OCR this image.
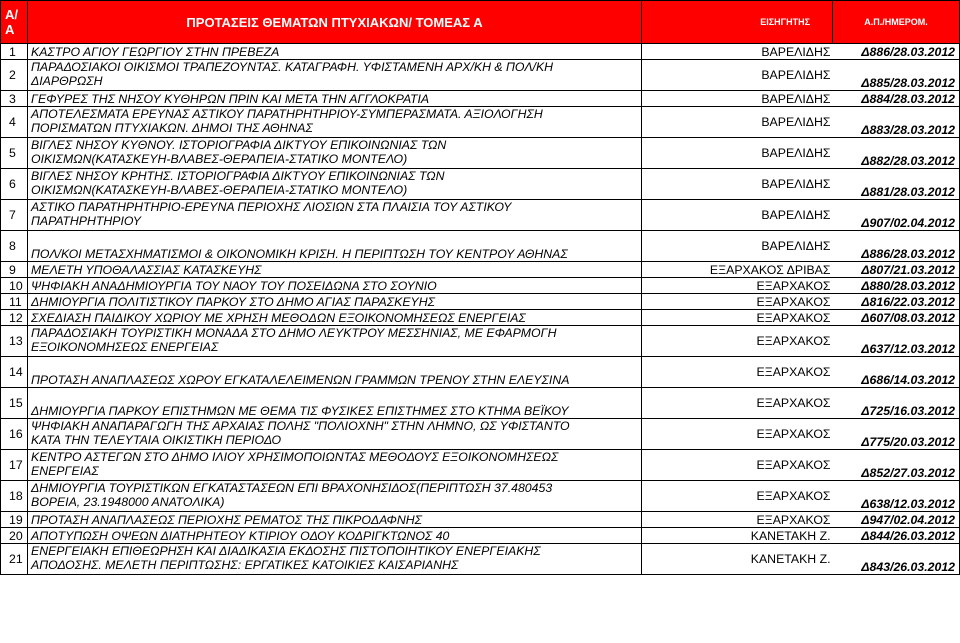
Α/Α	ΠΡΟΤΑΣΕΙΣ ΘΕΜΑΤΩΝ ΠΤΥΧΙΑΚΩΝ/ ΤΟΜΕΑΣ Α	ΕΙΣΗΓΗΤΗΣ	Α.Π./ΗΜΕΡΟΜ.
1	ΚΑΣΤΡΟ ΑΓΙΟΥ ΓΕΩΡΓΙΟΥ ΣΤΗΝ ΠΡΕΒΕΖΑ	ΒΑΡΕΛΙΔΗΣ	Δ886/28.03.2012
2	ΠΑΡΑΔΟΣΙΑΚΟΙ ΟΙΚΙΣΜΟΙ ΤΡΑΠΕΖΟΥΝΤΑΣ. ΚΑΤΑΓΡΑΦΗ. ΥΦΙΣΤΑΜΕΝΗ ΑΡΧ/ΚΗ & ΠΟΛ/ΚΗ
ΔΙΑΡΘΡΩΣΗ	ΒΑΡΕΛΙΔΗΣ	Δ885/28.03.2012
3	ΓΕΦΥΡΕΣ ΤΗΣ ΝΗΣΟΥ ΚΥΘΗΡΩΝ ΠΡΙΝ ΚΑΙ ΜΕΤΑ ΤΗΝ ΑΓΓΛΟΚΡΑΤΙΑ	ΒΑΡΕΛΙΔΗΣ	Δ884/28.03.2012
4	ΑΠΟΤΕΛΕΣΜΑΤΑ ΕΡΕΥΝΑΣ ΑΣΤΙΚΟΥ ΠΑΡΑΤΗΡΗΤΗΡΙΟΥ-ΣΥΜΠΕΡΑΣΜΑΤΑ. ΑΞΙΟΛΟΓΗΣΗ
ΠΟΡΙΣΜΑΤΩΝ ΠΤΥΧΙΑΚΩΝ. ΔΗΜΟΙ ΤΗΣ ΑΘΗΝΑΣ	ΒΑΡΕΛΙΔΗΣ	Δ883/28.03.2012
5	ΒΙΓΛΕΣ ΝΗΣΟΥ ΚΥΘΝΟΥ. ΙΣΤΟΡΙΟΓΡΑΦΙΑ ΔΙΚΤΥΟΥ ΕΠΙΚΟΙΝΩΝΙΑΣ ΤΩΝ
ΟΙΚΙΣΜΩΝ(ΚΑΤΑΣΚΕΥΗ-ΒΛΑΒΕΣ-ΘΕΡΑΠΕΙΑ-ΣΤΑΤΙΚΟ ΜΟΝΤΕΛΟ)	ΒΑΡΕΛΙΔΗΣ	Δ882/28.03.2012
6	ΒΙΓΛΕΣ ΝΗΣΟΥ ΚΡΗΤΗΣ. ΙΣΤΟΡΙΟΓΡΑΦΙΑ ΔΙΚΤΥΟΥ ΕΠΙΚΟΙΝΩΝΙΑΣ ΤΩΝ
ΟΙΚΙΣΜΩΝ(ΚΑΤΑΣΚΕΥΗ-ΒΛΑΒΕΣ-ΘΕΡΑΠΕΙΑ-ΣΤΑΤΙΚΟ ΜΟΝΤΕΛΟ)	ΒΑΡΕΛΙΔΗΣ	Δ881/28.03.2012
7	ΑΣΤΙΚΟ ΠΑΡΑΤΗΡΗΤΗΡΙΟ-ΕΡΕΥΝΑ ΠΕΡΙΟΧΗΣ ΛΙΟΣΙΩΝ ΣΤΑ ΠΛΑΙΣΙΑ ΤΟΥ ΑΣΤΙΚΟΥ
ΠΑΡΑΤΗΡΗΤΗΡΙΟΥ	ΒΑΡΕΛΙΔΗΣ	Δ907/02.04.2012
8	ΠΟΛ/ΚΟΙ ΜΕΤΑΣΧΗΜΑΤΙΣΜΟΙ & ΟΙΚΟΝΟΜΙΚΗ ΚΡΙΣΗ. Η ΠΕΡΙΠΤΩΣΗ ΤΟΥ ΚΕΝΤΡΟΥ ΑΘΗΝΑΣ	ΒΑΡΕΛΙΔΗΣ	Δ886/28.03.2012
9	ΜΕΛΕΤΗ ΥΠΟΘΑΛΑΣΣΙΑΣ ΚΑΤΑΣΚΕΥΗΣ	ΕΞΑΡΧΑΚΟΣ ΔΡΙΒΑΣ	Δ807/21.03.2012
10	ΨΗΦΙΑΚΗ ΑΝΑΔΗΜΙΟΥΡΓΙΑ ΤΟΥ ΝΑΟΥ ΤΟΥ ΠΟΣΕΙΔΩΝΑ ΣΤΟ ΣΟΥΝΙΟ	ΕΞΑΡΧΑΚΟΣ	Δ880/28.03.2012
11	ΔΗΜΙΟΥΡΓΙΑ ΠΟΛΙΤΙΣΤΙΚΟΥ ΠΑΡΚΟΥ ΣΤΟ ΔΗΜΟ ΑΓΙΑΣ ΠΑΡΑΣΚΕΥΗΣ	ΕΞΑΡΧΑΚΟΣ	Δ816/22.03.2012
12	ΣΧΕΔΙΑΣΗ ΠΑΙΔΙΚΟΥ ΧΩΡΙΟΥ ΜΕ ΧΡΗΣΗ ΜΕΘΟΔΩΝ ΕΞΟΙΚΟΝΟΜΗΣΕΩΣ ΕΝΕΡΓΕΙΑΣ	ΕΞΑΡΧΑΚΟΣ	Δ607/08.03.2012
13	ΠΑΡΑΔΟΣΙΑΚΗ ΤΟΥΡΙΣΤΙΚΗ ΜΟΝΑΔΑ ΣΤΟ ΔΗΜΟ ΛΕΥΚΤΡΟΥ ΜΕΣΣΗΝΙΑΣ, ΜΕ ΕΦΑΡΜΟΓΗ
ΕΞΟΙΚΟΝΟΜΗΣΕΩΣ ΕΝΕΡΓΕΙΑΣ	ΕΞΑΡΧΑΚΟΣ	Δ637/12.03.2012
14	ΠΡΟΤΑΣΗ ΑΝΑΠΛΑΣΕΩΣ ΧΩΡΟΥ ΕΓΚΑΤΑΛΕΛΕΙΜΕΝΩΝ ΓΡΑΜΜΩΝ ΤΡΕΝΟΥ ΣΤΗΝ ΕΛΕΥΣΙΝΑ	ΕΞΑΡΧΑΚΟΣ	Δ686/14.03.2012
15	ΔΗΜΙΟΥΡΓΙΑ ΠΑΡΚΟΥ ΕΠΙΣΤΗΜΩΝ ΜΕ ΘΕΜΑ ΤΙΣ ΦΥΣΙΚΕΣ ΕΠΙΣΤΗΜΕΣ ΣΤΟ ΚΤΗΜΑ ΒΕΪΚΟΥ	ΕΞΑΡΧΑΚΟΣ	Δ725/16.03.2012
16	ΨΗΦΙΑΚΗ ΑΝΑΠΑΡΑΓΩΓΗ ΤΗΣ ΑΡΧΑΙΑΣ ΠΟΛΗΣ "ΠΟΛΙΟΧΝΗ" ΣΤΗΝ ΛΗΜΝΟ, ΩΣ ΥΦΙΣΤΑΝΤΟ
ΚΑΤΑ ΤΗΝ ΤΕΛΕΥΤΑΙΑ ΟΙΚΙΣΤΙΚΗ ΠΕΡΙΟΔΟ	ΕΞΑΡΧΑΚΟΣ	Δ775/20.03.2012
17	ΚΕΝΤΡΟ ΑΣΤΕΓΩΝ ΣΤΟ ΔΗΜΟ ΙΛΙΟΥ ΧΡΗΣΙΜΟΠΟΙΩΝΤΑΣ ΜΕΘΟΔΟΥΣ ΕΞΟΙΚΟΝΟΜΗΣΕΩΣ
ΕΝΕΡΓΕΙΑΣ	ΕΞΑΡΧΑΚΟΣ	Δ852/27.03.2012
18	ΔΗΜΙΟΥΡΓΙΑ ΤΟΥΡΙΣΤΙΚΩΝ ΕΓΚΑΤΑΣΤΑΣΕΩΝ ΕΠΙ ΒΡΑΧΟΝΗΣΙΔΟΣ(ΠΕΡΙΠΤΩΣΗ 37.480453
ΒΟΡΕΙΑ, 23.1948000 ΑΝΑΤΟΛΙΚΑ)	ΕΞΑΡΧΑΚΟΣ	Δ638/12.03.2012
19	ΠΡΟΤΑΣΗ ΑΝΑΠΛΑΣΕΩΣ ΠΕΡΙΟΧΗΣ ΡΕΜΑΤΟΣ ΤΗΣ ΠΙΚΡΟΔΑΦΝΗΣ	ΕΞΑΡΧΑΚΟΣ	Δ947/02.04.2012
20	ΑΠΟΤΥΠΩΣΗ ΟΨΕΩΝ ΔΙΑΤΗΡΗΤΕΟΥ ΚΤΙΡΙΟΥ ΟΔΟΥ ΚΟΔΡΙΓΚΤΩΝΟΣ 40	ΚΑΝΕΤΑΚΗ Ζ.	Δ844/26.03.2012
21	ΕΝΕΡΓΕΙΑΚΗ ΕΠΙΘΕΩΡΗΣΗ ΚΑΙ ΔΙΑΔΙΚΑΣΙΑ ΕΚΔΟΣΗΣ ΠΙΣΤΟΠΟΙΗΤΙΚΟΥ ΕΝΕΡΓΕΙΑΚΗΣ
ΑΠΟΔΟΣΗΣ. ΜΕΛΕΤΗ ΠΕΡΙΠΤΩΣΗΣ: ΕΡΓΑΤΙΚΕΣ ΚΑΤΟΙΚΙΕΣ ΚΑΙΣΑΡΙΑΝΗΣ	ΚΑΝΕΤΑΚΗ Ζ.	Δ843/26.03.2012
